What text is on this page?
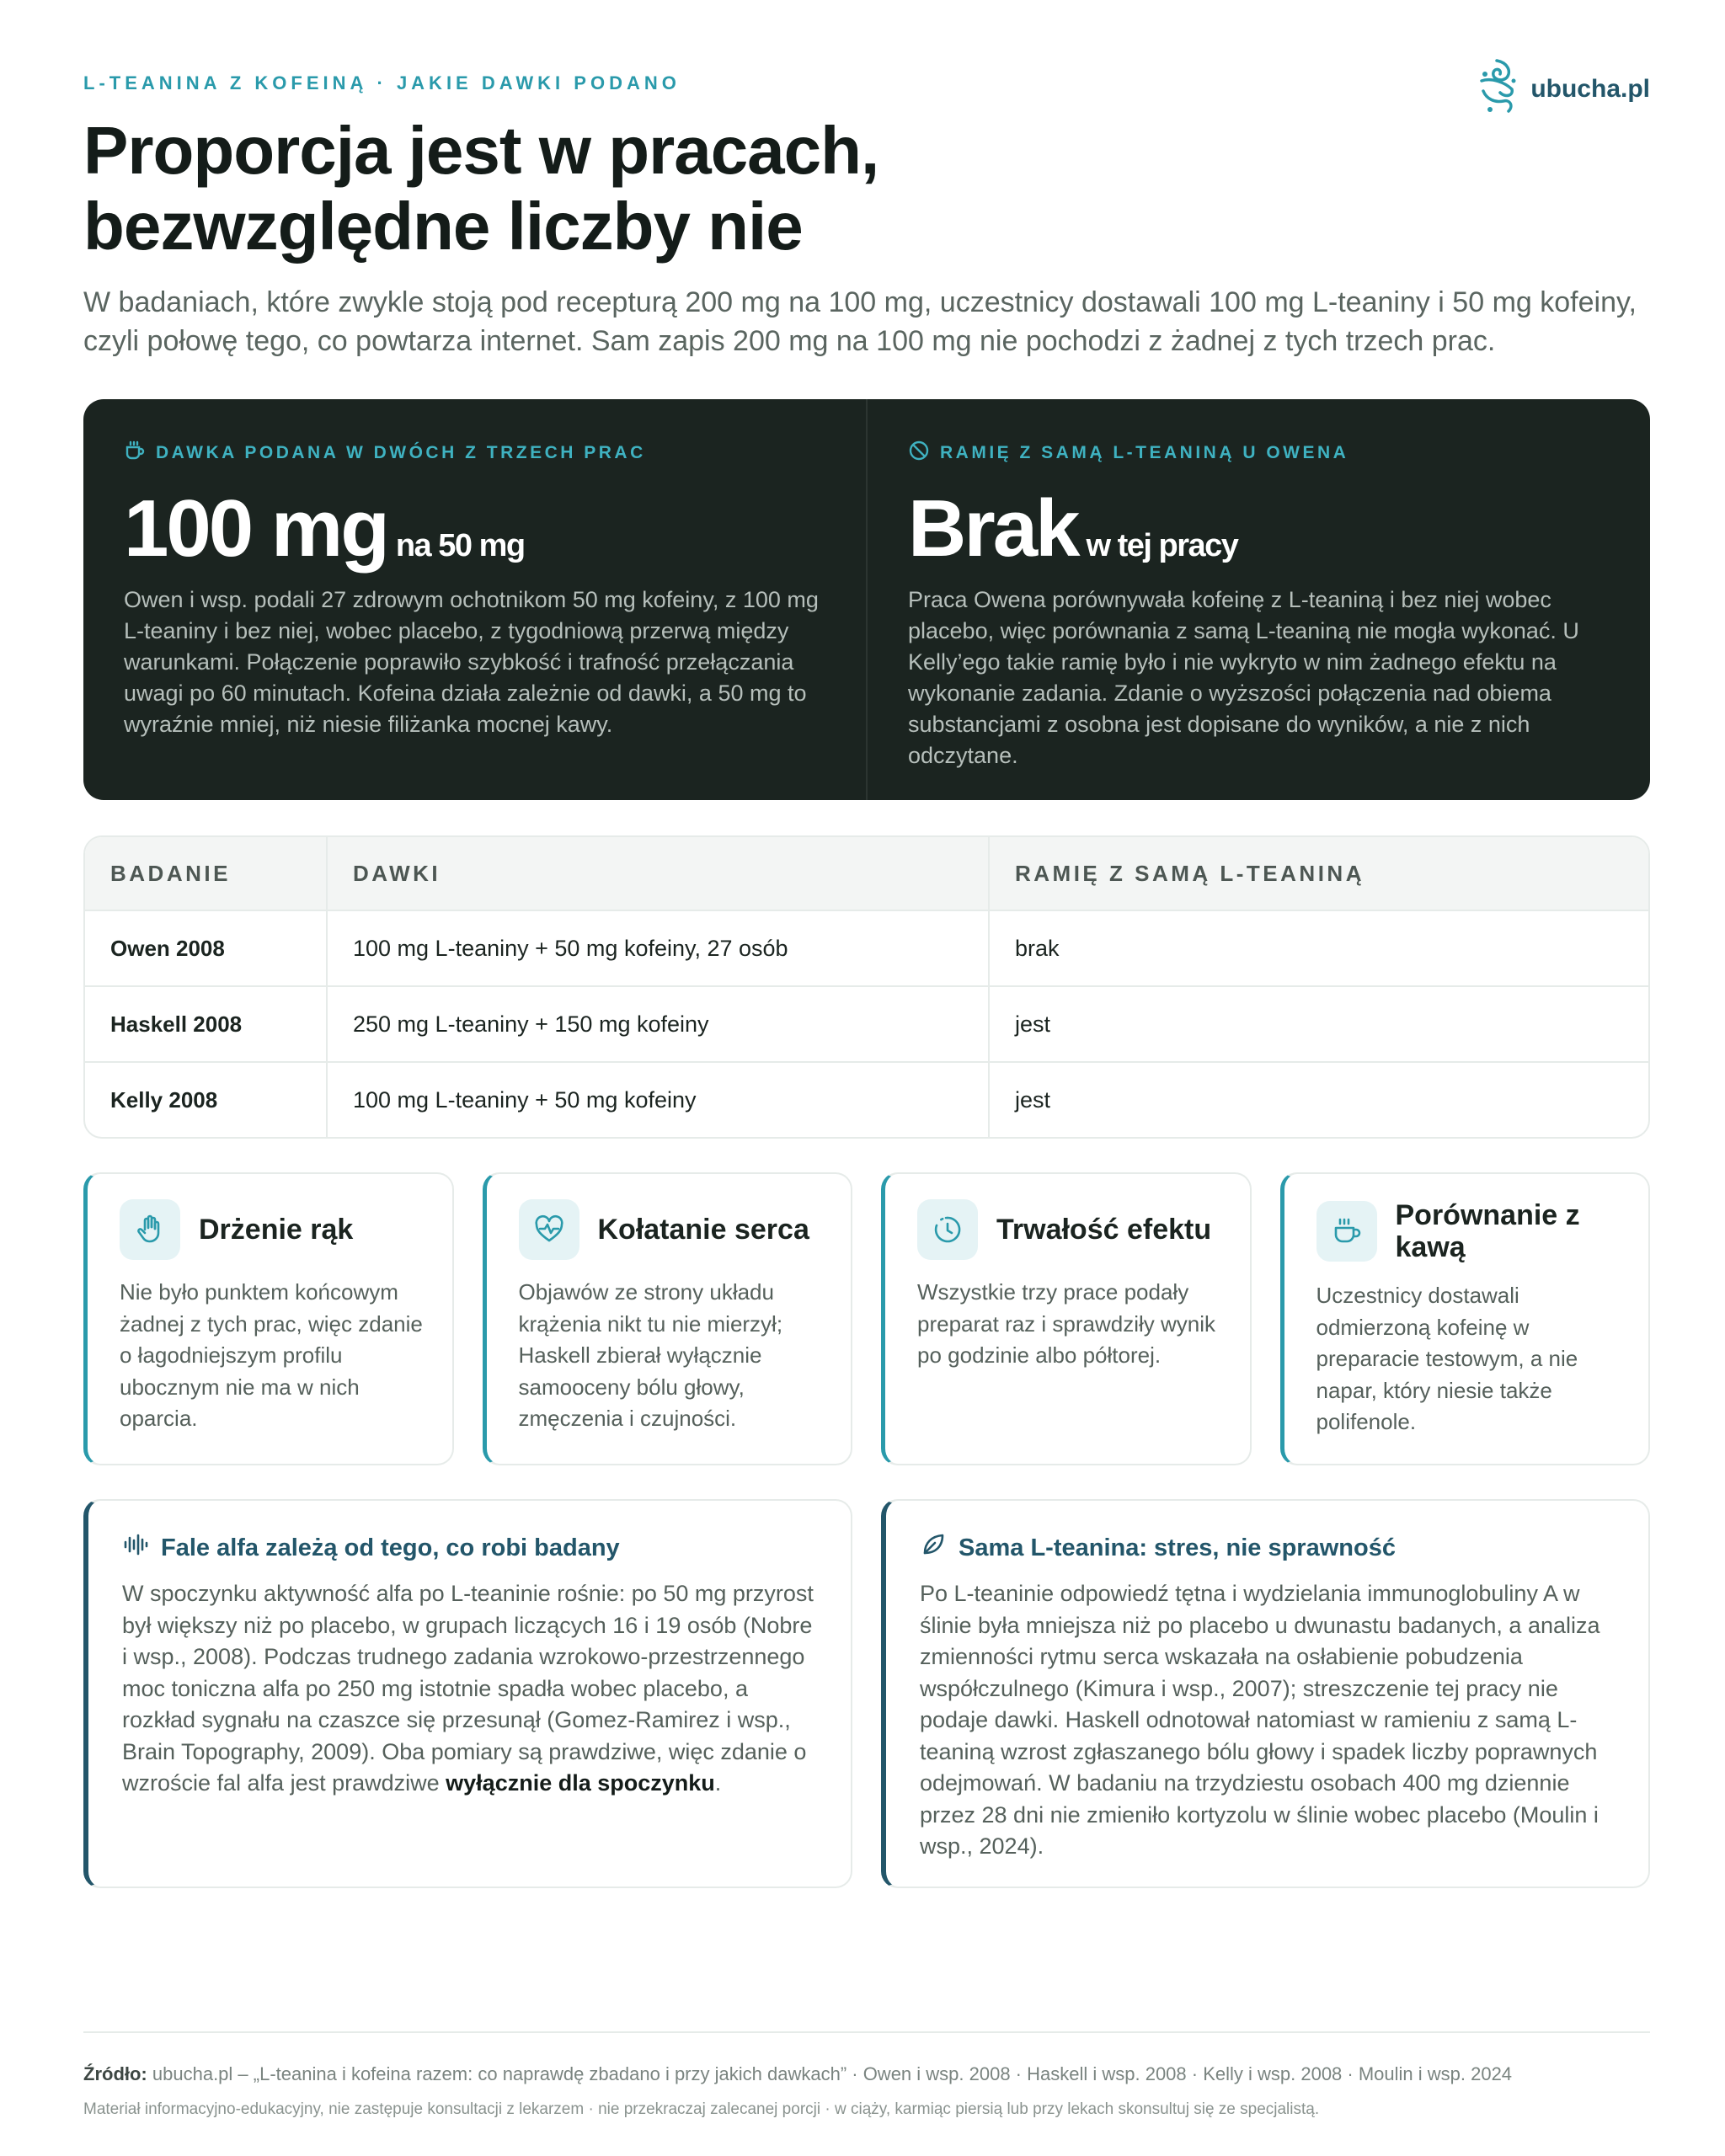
L-TEANINA Z KOFEINĄ · JAKIE DAWKI PODANO	ubucha.pl
Proporcja jest w pracach,
bezwzględne liczby nie

W badaniach, które zwykle stoją pod recepturą 200 mg na 100 mg, uczestnicy dostawali 100 mg L-teaniny i 50 mg kofeiny, czyli połowę tego, co powtarza internet. Sam zapis 200 mg na 100 mg nie pochodzi z żadnej z tych trzech prac.

DAWKA PODANA W DWÓCH Z TRZECH PRAC
100 mg na 50 mg

Owen i wsp. podali 27 zdrowym ochotnikom 50 mg kofeiny, z 100 mg L-teaniny i bez niej, wobec placebo, z tygodniową przerwą między warunkami. Połączenie poprawiło szybkość i trafność przełączania uwagi po 60 minutach. Kofeina działa zależnie od dawki, a 50 mg to wyraźnie mniej, niż niesie filiżanka mocnej kawy.

RAMIĘ Z SAMĄ L-TEANINĄ U OWENA
Brak w tej pracy

Praca Owena porównywała kofeinę z L-teaniną i bez niej wobec placebo, więc porównania z samą L-teaniną nie mogła wykonać. U Kelly’ego takie ramię było i nie wykryto w nim żadnego efektu na wykonanie zadania. Zdanie o wyższości połączenia nad obiema substancjami z osobna jest dopisane do wyników, a nie z nich odczytane.

BADANIE	DAWKI	RAMIĘ Z SAMĄ L-TEANINĄ
Owen 2008	100 mg L-teaniny + 50 mg kofeiny, 27 osób	brak
Haskell 2008	250 mg L-teaniny + 150 mg kofeiny	jest
Kelly 2008	100 mg L-teaniny + 50 mg kofeiny	jest
Drżenie rąk

Nie było punktem końcowym żadnej z tych prac, więc zdanie o łagodniejszym profilu ubocznym nie ma w nich oparcia.

Kołatanie serca

Objawów ze strony układu krążenia nikt tu nie mierzył; Haskell zbierał wyłącznie samooceny bólu głowy, zmęczenia i czujności.

Trwałość efektu

Wszystkie trzy prace podały preparat raz i sprawdziły wynik po godzinie albo półtorej.

Porównanie z kawą

Uczestnicy dostawali odmierzoną kofeinę w preparacie testowym, a nie napar, który niesie także polifenole.

Fale alfa zależą od tego, co robi badany

W spoczynku aktywność alfa po L-teaninie rośnie: po 50 mg przyrost był większy niż po placebo, w grupach liczących 16 i 19 osób (Nobre i wsp., 2008). Podczas trudnego zadania wzrokowo-przestrzennego moc toniczna alfa po 250 mg istotnie spadła wobec placebo, a rozkład sygnału na czaszce się przesunął (Gomez-Ramirez i wsp., Brain Topography, 2009). Oba pomiary są prawdziwe, więc zdanie o wzroście fal alfa jest prawdziwe wyłącznie dla spoczynku.

Sama L-teanina: stres, nie sprawność

Po L-teaninie odpowiedź tętna i wydzielania immunoglobuliny A w ślinie była mniejsza niż po placebo u dwunastu badanych, a analiza zmienności rytmu serca wskazała na osłabienie pobudzenia współczulnego (Kimura i wsp., 2007); streszczenie tej pracy nie podaje dawki. Haskell odnotował natomiast w ramieniu z samą L-teaniną wzrost zgłaszanego bólu głowy i spadek liczby poprawnych odejmowań. W badaniu na trzydziestu osobach 400 mg dziennie przez 28 dni nie zmieniło kortyzolu w ślinie wobec placebo (Moulin i wsp., 2024).

Źródło: ubucha.pl – „L-teanina i kofeina razem: co naprawdę zbadano i przy jakich dawkach” · Owen i wsp. 2008 · Haskell i wsp. 2008 · Kelly i wsp. 2008 · Moulin i wsp. 2024

Materiał informacyjno-edukacyjny, nie zastępuje konsultacji z lekarzem · nie przekraczaj zalecanej porcji · w ciąży, karmiąc piersią lub przy lekach skonsultuj się ze specjalistą.
